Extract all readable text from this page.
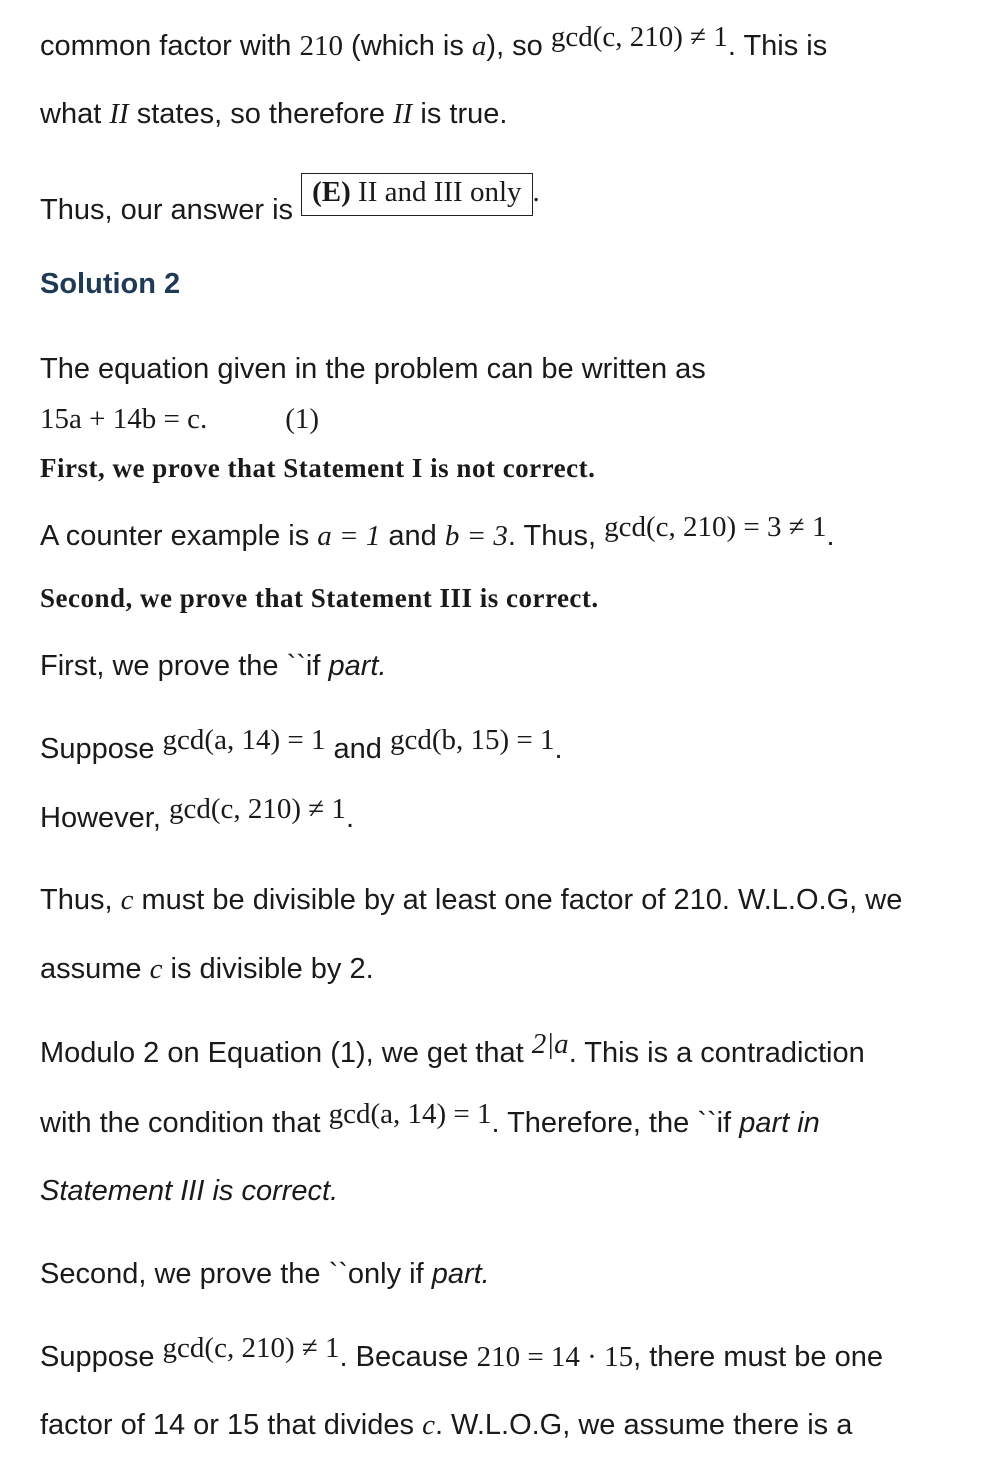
common factor with 210 (which is a), so gcd(c, 210) ≠ 1. This is
what II states, so therefore II is true.
Thus, our answer is (E) II and III only .
Solution 2
The equation given in the problem can be written as
15a + 14b = c.	(1)
First, we prove that Statement I is not correct.
A counter example is a = 1 and b = 3. Thus, gcd(c, 210) = 3 ≠ 1.
Second, we prove that Statement III is correct.
First, we prove the ``if part.
Suppose gcd(a, 14) = 1 and gcd(b, 15) = 1.
However, gcd(c, 210) ≠ 1.
Thus, c must be divisible by at least one factor of 210. W.L.O.G, we
assume c is divisible by 2.
Modulo 2 on Equation (1), we get that 2|a. This is a contradiction
with the condition that gcd(a, 14) = 1. Therefore, the ``if part in
Statement III is correct.
Second, we prove the ``only if part.
Suppose gcd(c, 210) ≠ 1. Because 210 = 14 · 15, there must be one
factor of 14 or 15 that divides c. W.L.O.G, we assume there is a
